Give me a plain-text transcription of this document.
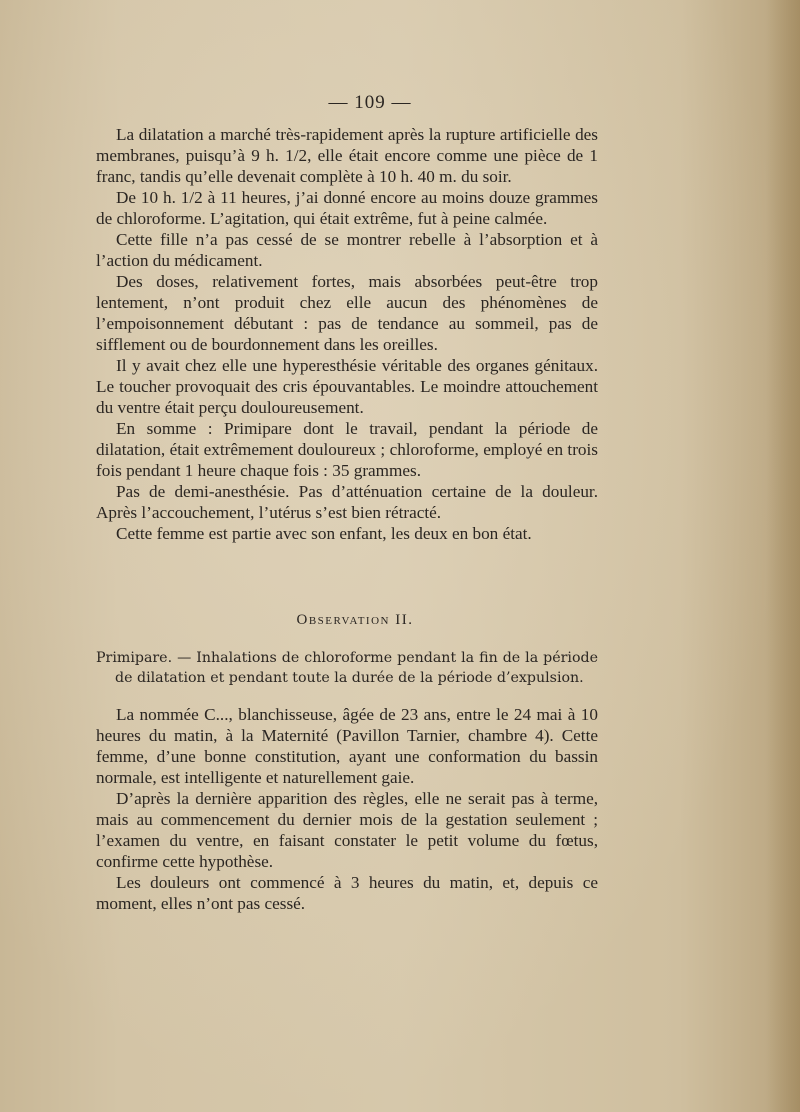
— 109 —

La dilatation a marché très-rapidement après la rupture artificielle des membranes, puisqu’à 9 h. 1/2, elle était encore comme une pièce de 1 franc, tandis qu’elle devenait complète à 10 h. 40 m. du soir.

De 10 h. 1/2 à 11 heures, j’ai donné encore au moins douze grammes de chloroforme. L’agitation, qui était extrême, fut à peine calmée.

Cette fille n’a pas cessé de se montrer rebelle à l’absorption et à l’action du médicament.

Des doses, relativement fortes, mais absorbées peut-être trop lentement, n’ont produit chez elle aucun des phénomènes de l’empoisonnement débutant : pas de tendance au sommeil, pas de sifflement ou de bourdonnement dans les oreilles.

Il y avait chez elle une hyperesthésie véritable des organes génitaux. Le toucher provoquait des cris épouvantables. Le moindre attouchement du ventre était perçu douloureusement.

En somme : Primipare dont le travail, pendant la période de dilatation, était extrêmement douloureux ; chloroforme, employé en trois fois pendant 1 heure chaque fois : 35 grammes.

Pas de demi-anesthésie. Pas d’atténuation certaine de la douleur. Après l’accouchement, l’utérus s’est bien rétracté.

Cette femme est partie avec son enfant, les deux en bon état.

Observation II.

Primipare. — Inhalations de chloroforme pendant la fin de la période de dilatation et pendant toute la durée de la période d’expulsion.

La nommée C..., blanchisseuse, âgée de 23 ans, entre le 24 mai à 10 heures du matin, à la Maternité (Pavillon Tarnier, chambre 4). Cette femme, d’une bonne constitution, ayant une conformation du bassin normale, est intelligente et naturellement gaie.

D’après la dernière apparition des règles, elle ne serait pas à terme, mais au commencement du dernier mois de la gestation seulement ; l’examen du ventre, en faisant constater le petit volume du fœtus, confirme cette hypothèse.

Les douleurs ont commencé à 3 heures du matin, et, depuis ce moment, elles n’ont pas cessé.
